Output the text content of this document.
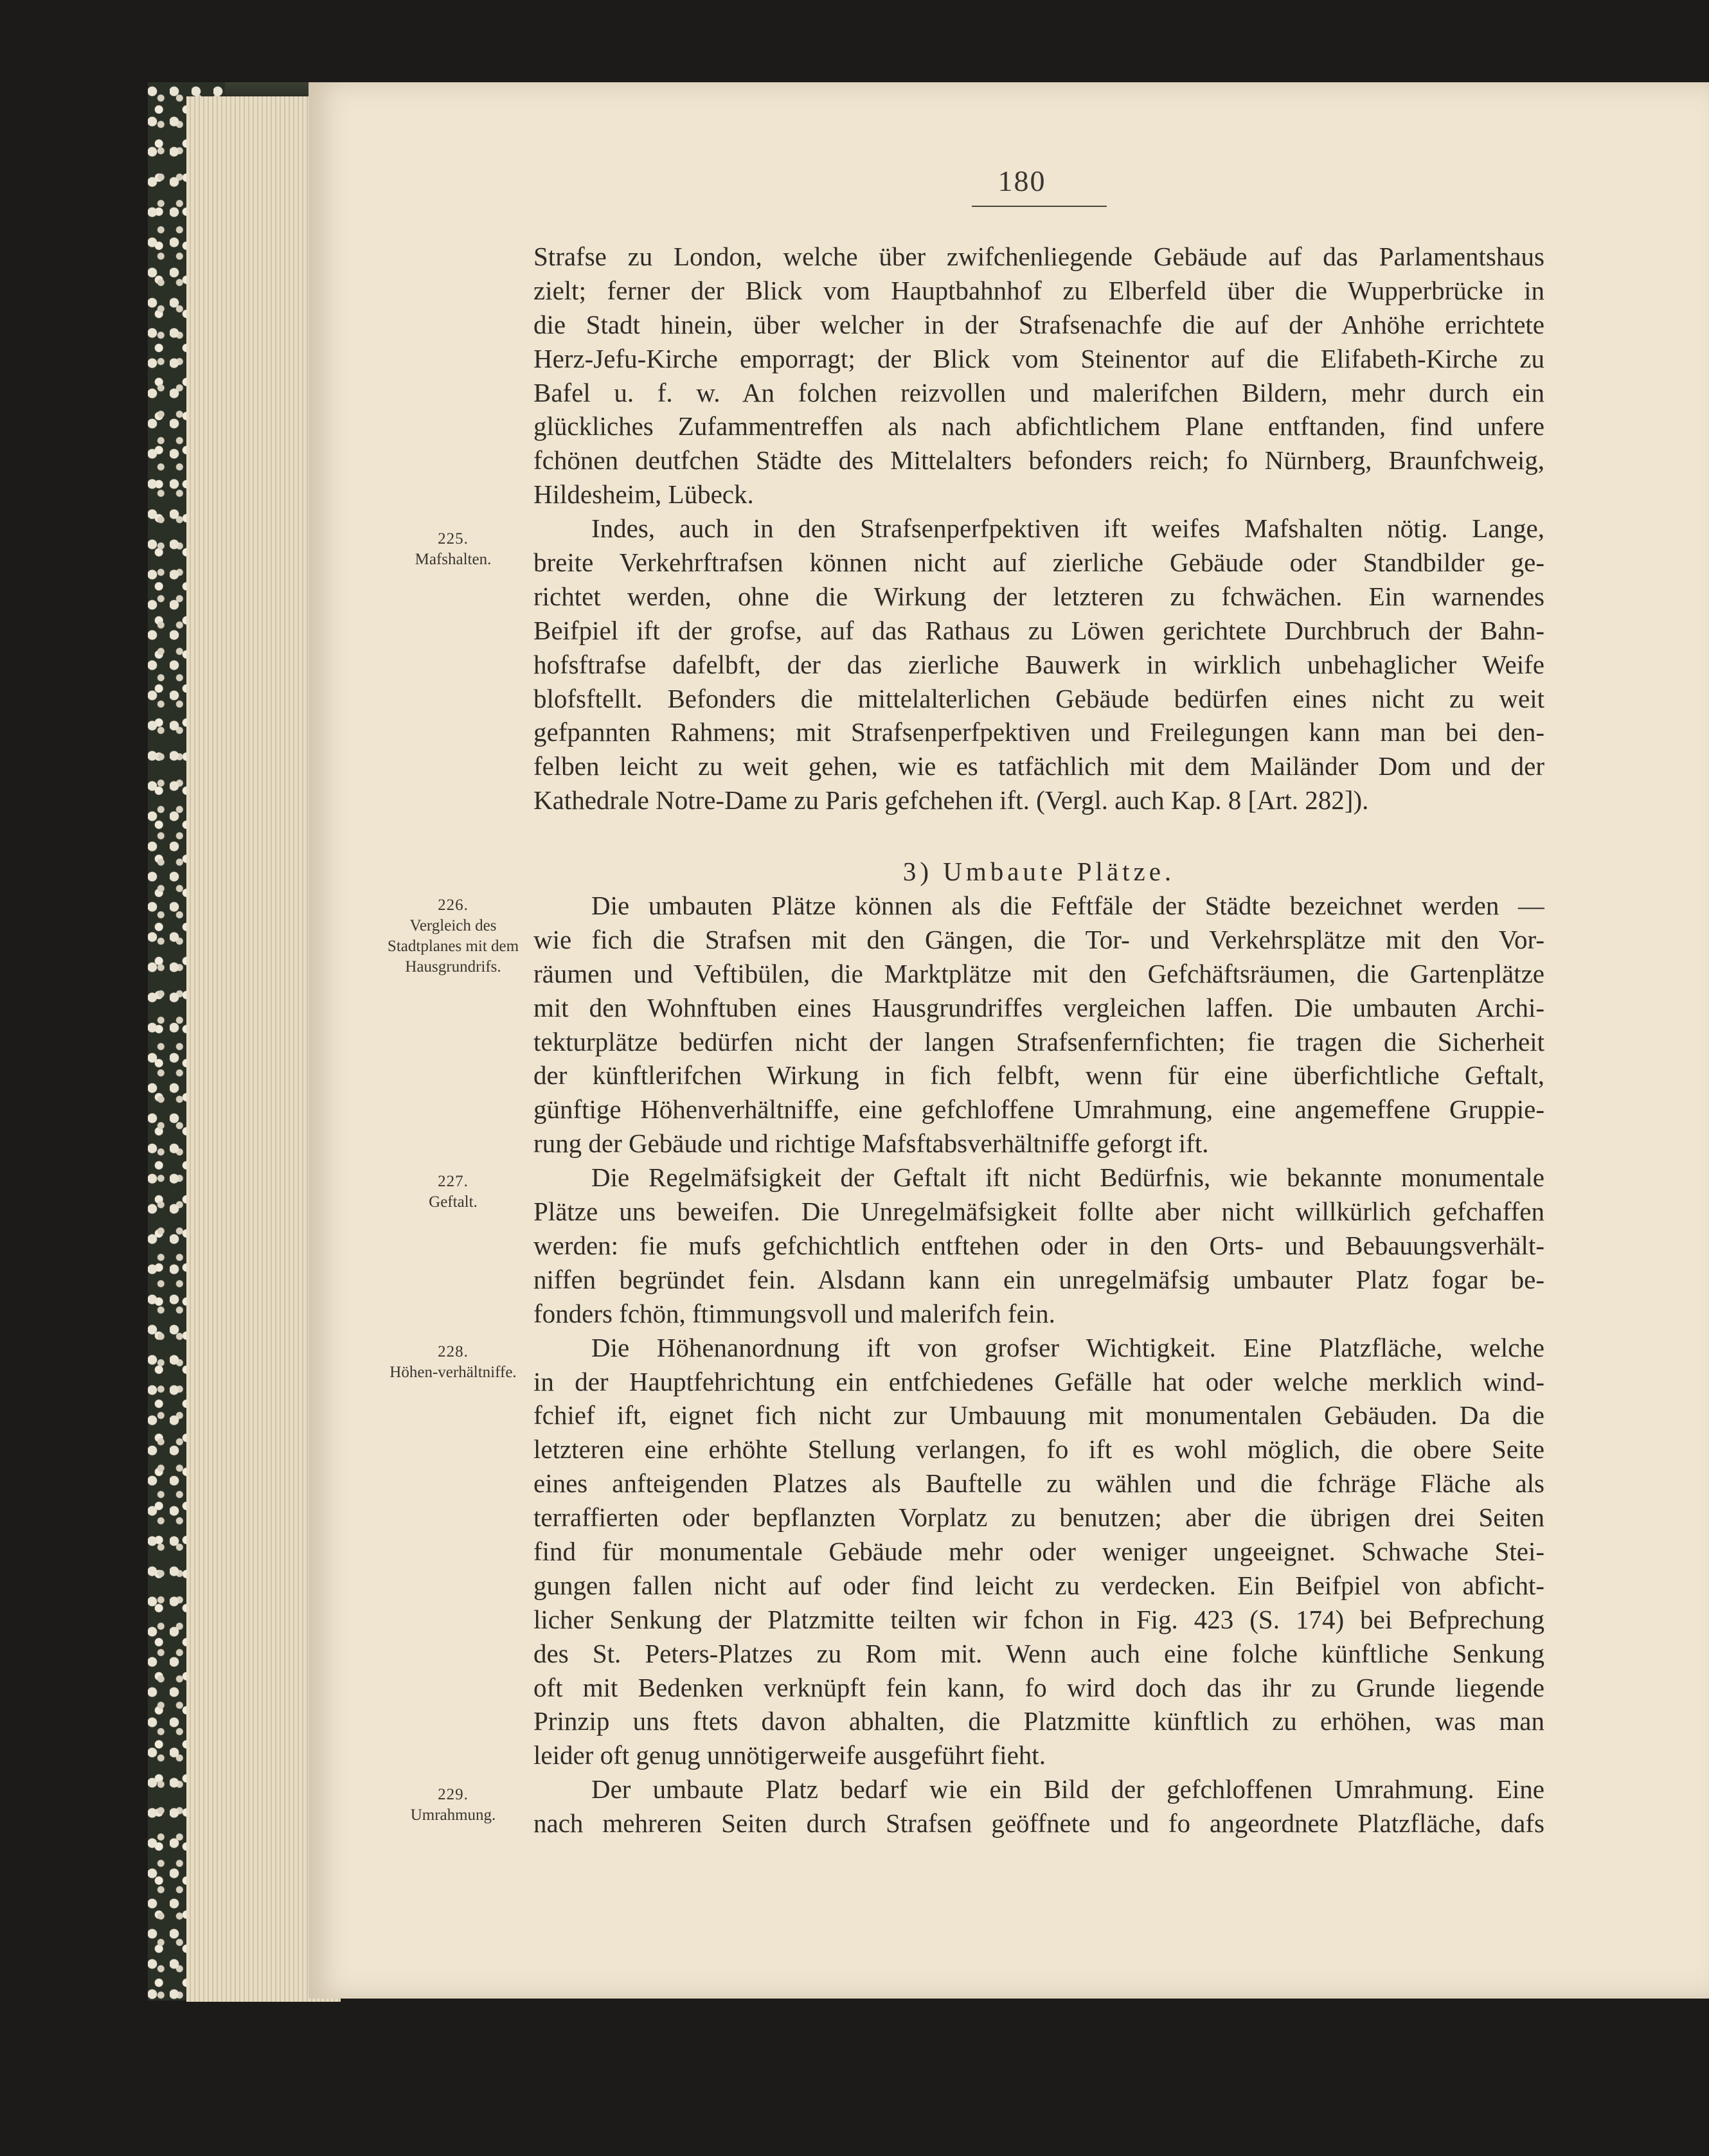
180
225.
Mafshalten.
226.
Vergleich des Stadtplanes mit dem Hausgrundrifs.
227.
Geftalt.
228.
Höhen-verhältniffe.
229.
Umrahmung.
Strafse zu London, welche über zwifchenliegende Gebäude auf das Parlamentshaus
zielt; ferner der Blick vom Hauptbahnhof zu Elberfeld über die Wupperbrücke in
die Stadt hinein, über welcher in der Strafsenachfe die auf der Anhöhe errichtete
Herz-Jefu-Kirche emporragt; der Blick vom Steinentor auf die Elifabeth-Kirche zu
Bafel u. f. w. An folchen reizvollen und malerifchen Bildern, mehr durch ein
glückliches Zufammentreffen als nach abfichtlichem Plane entftanden, find unfere
fchönen deutfchen Städte des Mittelalters befonders reich; fo Nürnberg, Braunfchweig,
Hildesheim, Lübeck.
Indes, auch in den Strafsenperfpektiven ift weifes Mafshalten nötig. Lange,
breite Verkehrftrafsen können nicht auf zierliche Gebäude oder Standbilder ge-
richtet werden, ohne die Wirkung der letzteren zu fchwächen. Ein warnendes
Beifpiel ift der grofse, auf das Rathaus zu Löwen gerichtete Durchbruch der Bahn-
hofsftrafse dafelbft, der das zierliche Bauwerk in wirklich unbehaglicher Weife
blofsftellt. Befonders die mittelalterlichen Gebäude bedürfen eines nicht zu weit
gefpannten Rahmens; mit Strafsenperfpektiven und Freilegungen kann man bei den-
felben leicht zu weit gehen, wie es tatfächlich mit dem Mailänder Dom und der
Kathedrale Notre-Dame zu Paris gefchehen ift. (Vergl. auch Kap. 8 [Art. 282]).
3) Umbaute Plätze.
Die umbauten Plätze können als die Feftfäle der Städte bezeichnet werden —
wie fich die Strafsen mit den Gängen, die Tor- und Verkehrsplätze mit den Vor-
räumen und Veftibülen, die Marktplätze mit den Gefchäftsräumen, die Gartenplätze
mit den Wohnftuben eines Hausgrundriffes vergleichen laffen. Die umbauten Archi-
tekturplätze bedürfen nicht der langen Strafsenfernfichten; fie tragen die Sicherheit
der künftlerifchen Wirkung in fich felbft, wenn für eine überfichtliche Geftalt,
günftige Höhenverhältniffe, eine gefchloffene Umrahmung, eine angemeffene Gruppie-
rung der Gebäude und richtige Mafsftabsverhältniffe geforgt ift.
Die Regelmäfsigkeit der Geftalt ift nicht Bedürfnis, wie bekannte monumentale
Plätze uns beweifen. Die Unregelmäfsigkeit follte aber nicht willkürlich gefchaffen
werden: fie mufs gefchichtlich entftehen oder in den Orts- und Bebauungsverhält-
niffen begründet fein. Alsdann kann ein unregelmäfsig umbauter Platz fogar be-
fonders fchön, ftimmungsvoll und malerifch fein.
Die Höhenanordnung ift von grofser Wichtigkeit. Eine Platzfläche, welche
in der Hauptfehrichtung ein entfchiedenes Gefälle hat oder welche merklich wind-
fchief ift, eignet fich nicht zur Umbauung mit monumentalen Gebäuden. Da die
letzteren eine erhöhte Stellung verlangen, fo ift es wohl möglich, die obere Seite
eines anfteigenden Platzes als Bauftelle zu wählen und die fchräge Fläche als
terraffierten oder bepflanzten Vorplatz zu benutzen; aber die übrigen drei Seiten
find für monumentale Gebäude mehr oder weniger ungeeignet. Schwache Stei-
gungen fallen nicht auf oder find leicht zu verdecken. Ein Beifpiel von abficht-
licher Senkung der Platzmitte teilten wir fchon in Fig. 423 (S. 174) bei Befprechung
des St. Peters-Platzes zu Rom mit. Wenn auch eine folche künftliche Senkung
oft mit Bedenken verknüpft fein kann, fo wird doch das ihr zu Grunde liegende
Prinzip uns ftets davon abhalten, die Platzmitte künftlich zu erhöhen, was man
leider oft genug unnötigerweife ausgeführt fieht.
Der umbaute Platz bedarf wie ein Bild der gefchloffenen Umrahmung. Eine
nach mehreren Seiten durch Strafsen geöffnete und fo angeordnete Platzfläche, dafs
